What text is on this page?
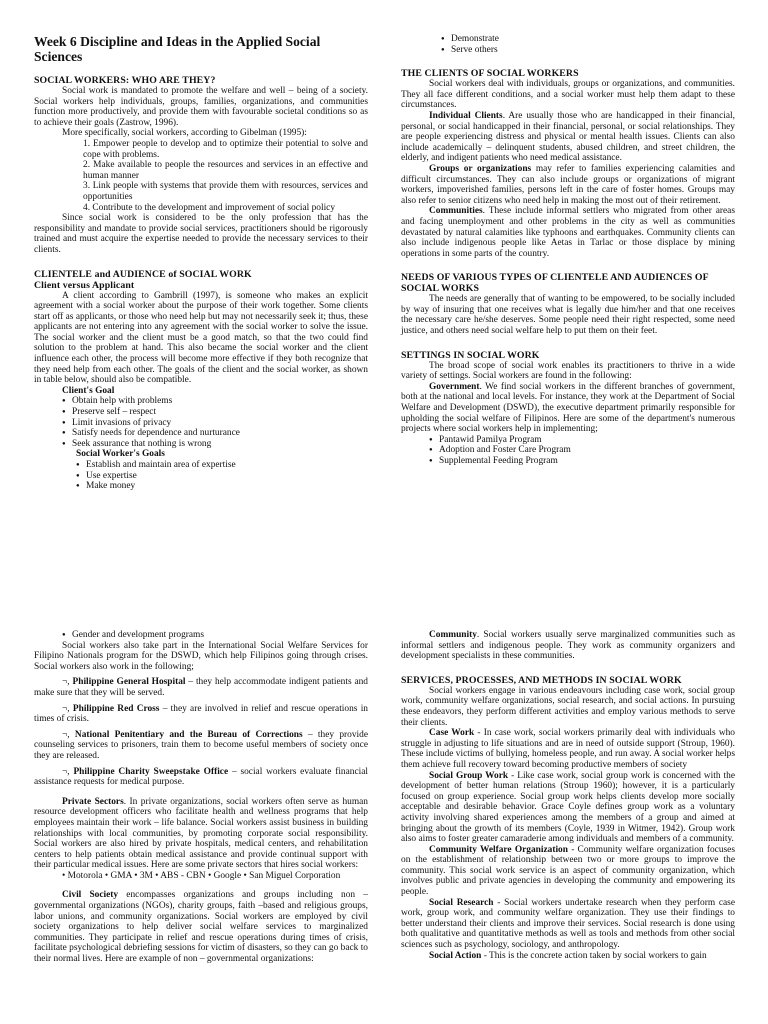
Week 6 Discipline and Ideas in the Applied Social Sciences
SOCIAL WORKERS: WHO ARE THEY?

Social work is mandated to promote the welfare and well – being of a society. Social workers help individuals, groups, families, organizations, and communities function more productively, and provide them with favourable societal conditions so as to achieve their goals (Zastrow, 1996).

More specifically, social workers, according to Gibelman (1995):

1. Empower people to develop and to optimize their potential to solve and cope with problems.

2. Make available to people the resources and services in an effective and human manner

3. Link people with systems that provide them with resources, services and opportunities

4. Contribute to the development and improvement of social policy

Since social work is considered to be the only profession that has the responsibility and mandate to provide social services, practitioners should be rigorously trained and must acquire the expertise needed to provide the necessary services to their clients.

CLIENTELE and AUDIENCE of SOCIAL WORK
Client versus Applicant

A client according to Gambrill (1997), is someone who makes an explicit agreement with a social worker about the purpose of their work together. Some clients start off as applicants, or those who need help but may not necessarily seek it; thus, these applicants are not entering into any agreement with the social worker to solve the issue. The social worker and the client must be a good match, so that the two could find solution to the problem at hand. This also became the social worker and the client influence each other, the process will become more effective if they both recognize that they need help from each other. The goals of the client and the social worker, as shown in table below, should also be compatible.

Client's Goal
● Obtain help with problems
● Preserve self – respect
● Limit invasions of privacy
● Satisfy needs for dependence and nurturance
● Seek assurance that nothing is wrong
Social Worker's Goals
● Establish and maintain area of expertise
● Use expertise
● Make money
● Demonstrate
● Serve others
THE CLIENTS OF SOCIAL WORKERS

Social workers deal with individuals, groups or organizations, and communities. They all face different conditions, and a social worker must help them adapt to these circumstances.

Individual Clients. Are usually those who are handicapped in their financial, personal, or social handicapped in their financial, personal, or social relationships. They are people experiencing distress and physical or mental health issues. Clients can also include academically – delinquent students, abused children, and street children, the elderly, and indigent patients who need medical assistance.

Groups or organizations may refer to families experiencing calamities and difficult circumstances. They can also include groups or organizations of migrant workers, impoverished families, persons left in the care of foster homes. Groups may also refer to senior citizens who need help in making the most out of their retirement.

Communities. These include informal settlers who migrated from other areas and facing unemployment and other problems in the city as well as communities devastated by natural calamities like typhoons and earthquakes. Community clients can also include indigenous people like Aetas in Tarlac or those displace by mining operations in some parts of the country.

NEEDS OF VARIOUS TYPES OF CLIENTELE AND AUDIENCES OF SOCIAL WORKS

The needs are generally that of wanting to be empowered, to be socially included by way of insuring that one receives what is legally due him/her and that one receives the necessary care he/she deserves. Some people need their right respected, some need justice, and others need social welfare help to put them on their feet.

SETTINGS IN SOCIAL WORK

The broad scope of social work enables its practitioners to thrive in a wide variety of settings. Social workers are found in the following:

Government. We find social workers in the different branches of government, both at the national and local levels. For instance, they work at the Department of Social Welfare and Development (DSWD), the executive department primarily responsible for upholding the social welfare of Filipinos. Here are some of the department's numerous projects where social workers help in implementing;

● Pantawid Pamilya Program
● Adoption and Foster Care Program
● Supplemental Feeding Program
● Gender and development programs

Social workers also take part in the International Social Welfare Services for Filipino Nationals program for the DSWD, which help Filipinos going through crises. Social workers also work in the following;

¬, Philippine General Hospital – they help accommodate indigent patients and make sure that they will be served.

¬, Philippine Red Cross – they are involved in relief and rescue operations in times of crisis.

¬, National Penitentiary and the Bureau of Corrections – they provide counseling services to prisoners, train them to become useful members of society once they are released.

¬, Philippine Charity Sweepstake Office – social workers evaluate financial assistance requests for medical purpose.

Private Sectors. In private organizations, social workers often serve as human resource development officers who facilitate health and wellness programs that help employees maintain their work – life balance. Social workers assist business in building relationships with local communities, by promoting corporate social responsibility. Social workers are also hired by private hospitals, medical centers, and rehabilitation centers to help patients obtain medical assistance and provide continual support with their particular medical issues. Here are some private sectors that hires social workers:

• Motorola • GMA • 3M • ABS - CBN • Google • San Miguel Corporation

Civil Society encompasses organizations and groups including non – governmental organizations (NGOs), charity groups, faith –based and religious groups, labor unions, and community organizations. Social workers are employed by civil society organizations to help deliver social welfare services to marginalized communities. They participate in relief and rescue operations during times of crisis, facilitate psychological debriefing sessions for victim of disasters, so they can go back to their normal lives. Here are example of non – governmental organizations:

Community. Social workers usually serve marginalized communities such as informal settlers and indigenous people. They work as community organizers and development specialists in these communities.

SERVICES, PROCESSES, AND METHODS IN SOCIAL WORK

Social workers engage in various endeavours including case work, social group work, community welfare organizations, social research, and social actions. In pursuing these endeavors, they perform different activities and employ various methods to serve their clients.

Case Work - In case work, social workers primarily deal with individuals who struggle in adjusting to life situations and are in need of outside support (Stroup, 1960). These include victims of bullying, homeless people, and run away. A social worker helps them achieve full recovery toward becoming productive members of society

Social Group Work - Like case work, social group work is concerned with the development of better human relations (Stroup 1960); however, it is a particularly focused on group experience. Social group work helps clients develop more socially acceptable and desirable behavior. Grace Coyle defines group work as a voluntary activity involving shared experiences among the members of a group and aimed at bringing about the growth of its members (Coyle, 1939 in Witmer, 1942). Group work also aims to foster greater camaraderie among individuals and members of a community.

Community Welfare Organization - Community welfare organization focuses on the establishment of relationship between two or more groups to improve the community. This social work service is an aspect of community organization, which involves public and private agencies in developing the community and empowering its people.

Social Research - Social workers undertake research when they perform case work, group work, and community welfare organization. They use their findings to better understand their clients and improve their services. Social research is done using both qualitative and quantitative methods as well as tools and methods from other social sciences such as psychology, sociology, and anthropology.

Social Action - This is the concrete action taken by social workers to gain
